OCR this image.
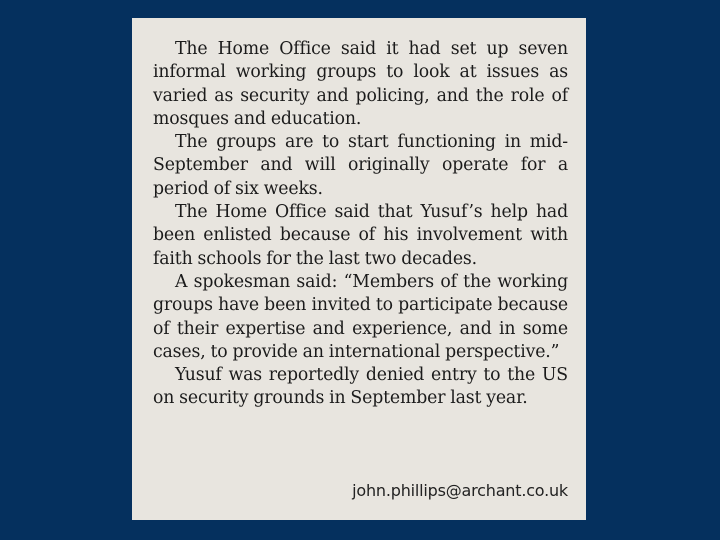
The Home Office said it had set up seven informal working groups to look at issues as varied as security and policing, and the role of mosques and education.

The groups are to start functioning in mid-September and will originally operate for a period of six weeks.

The Home Office said that Yusuf’s help had been enlisted because of his involvement with faith schools for the last two decades.

A spokesman said: “Members of the working groups have been invited to participate because of their expertise and experience, and in some cases, to provide an international perspective.”

Yusuf was reportedly denied entry to the US on security grounds in September last year.

john.phillips@archant.co.uk
